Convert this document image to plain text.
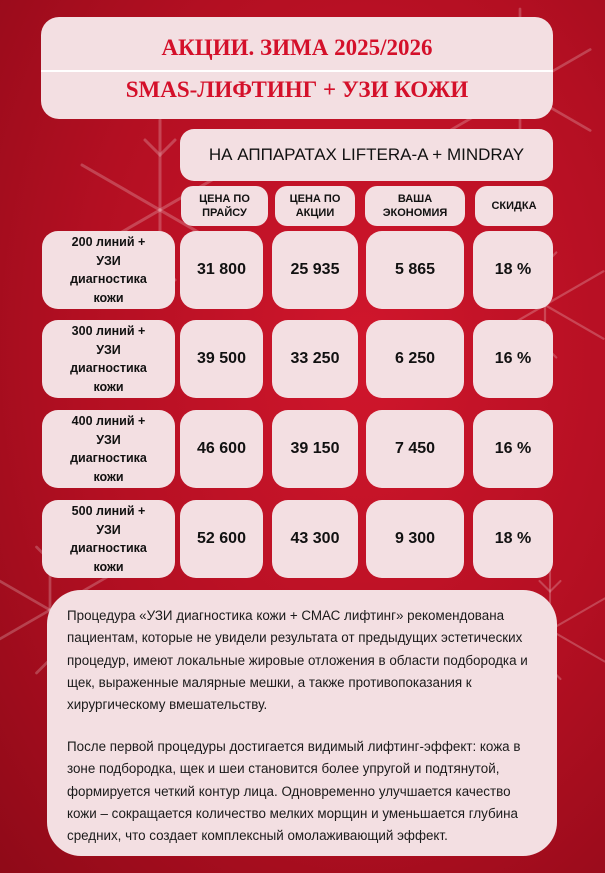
АКЦИИ. ЗИМА 2025/2026
SMAS-ЛИФТИНГ + УЗИ КОЖИ
НА АППАРАТАХ LIFTERA-A + MINDRAY
ЦЕНА ПО ПРАЙСУ
ЦЕНА ПО АКЦИИ
ВАША ЭКОНОМИЯ
СКИДКА
200 линий + УЗИ диагностика кожи
31 800	25 935	5 865	18 %
300 линий + УЗИ диагностика кожи
39 500	33 250	6 250	16 %
400 линий + УЗИ диагностика кожи
46 600	39 150	7 450	16 %
500 линий + УЗИ диагностика кожи
52 600	43 300	9 300	18 %

Процедура «УЗИ диагностика кожи + СМАС лифтинг» рекомендована пациентам, которые не увидели результата от предыдущих эстетических процедур, имеют локальные жировые отложения в области подбородка и щек, выраженные малярные мешки, а также противопоказания к хирургическому вмешательству.

После первой процедуры достигается видимый лифтинг-эффект: кожа в зоне подбородка, щек и шеи становится более упругой и подтянутой, формируется четкий контур лица. Одновременно улучшается качество кожи – сокращается количество мелких морщин и уменьшается глубина средних, что создает комплексный омолаживающий эффект.
